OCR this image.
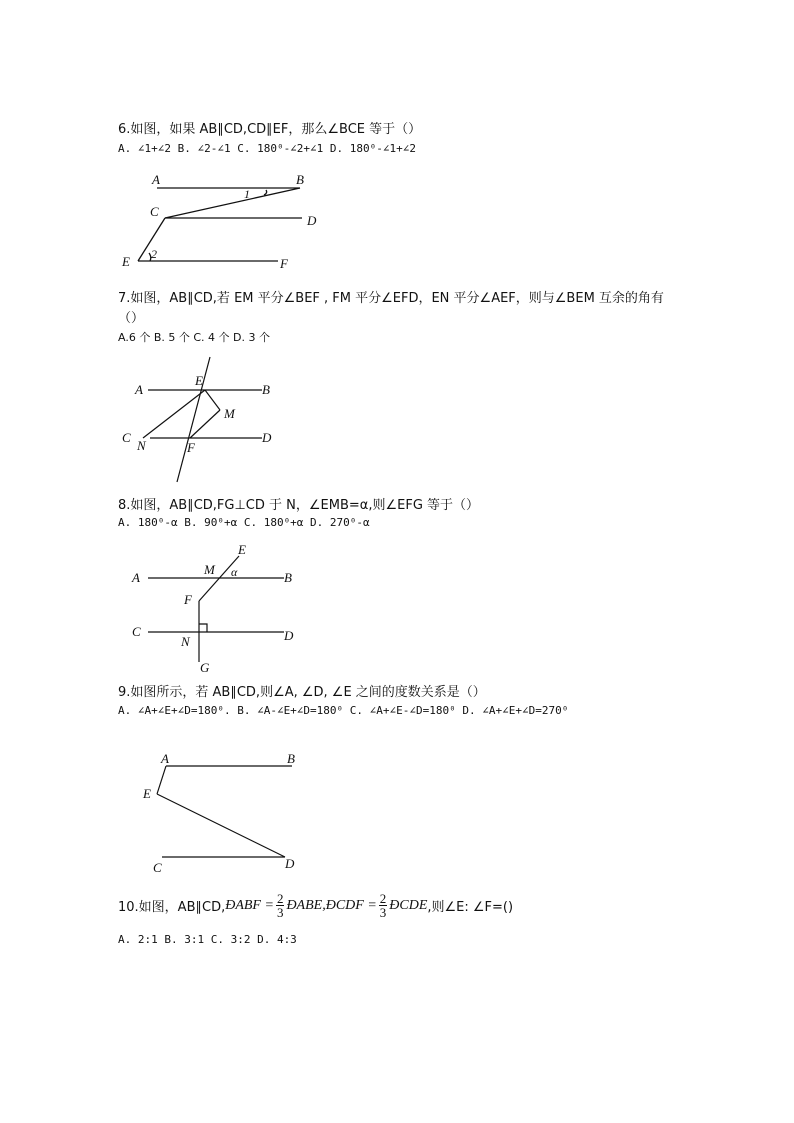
6.如图，如果 AB∥CD,CD∥EF，那么∠BCE 等于（）
A. ∠1+∠2 B. ∠2-∠1 C. 180⁰-∠2+∠1 D. 180⁰-∠1+∠2
A	B
C
D
E	F
1
2
A	B
C	D
E
F
M
N
A	B
C	D
E
F
G
M
N
α
A	B
E
C	D
7.如图，AB∥CD,若 EM 平分∠BEF , FM 平分∠EFD，EN 平分∠AEF，则与∠BEM 互余的角有
（）
A.6 个 B. 5 个 C. 4 个 D. 3 个
8.如图，AB∥CD,FG⊥CD 于 N，∠EMB=α,则∠EFG 等于（）
A. 180⁰-α B. 90⁰+α C. 180⁰+α D. 270⁰-α
9.如图所示，若 AB∥CD,则∠A, ∠D, ∠E 之间的度数关系是（）
A. ∠A+∠E+∠D=180⁰. B. ∠A-∠E+∠D=180⁰ C. ∠A+∠E-∠D=180⁰ D. ∠A+∠E+∠D=270⁰
10.如图，AB∥CD, ĐABF = $\frac{2}{3}$ ĐABE,ĐCDF = $\frac{2}{3}$ ĐCDE ,则∠E: ∠F=()
A. 2:1 B. 3:1 C. 3:2 D. 4:3
